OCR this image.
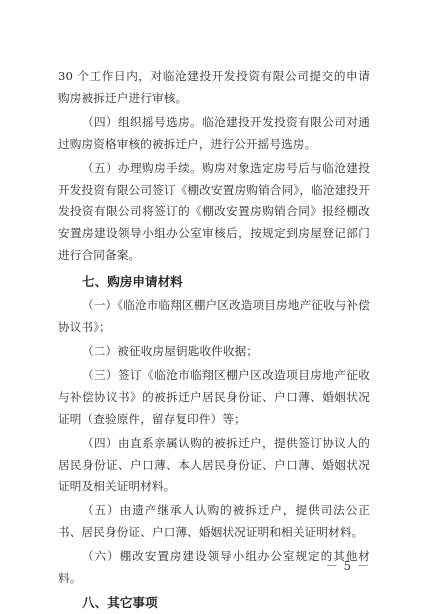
30 个工作日内，对临沧建投开发投资有限公司提交的申请购房被拆迁户进行审核。

（四）组织摇号选房。临沧建投开发投资有限公司对通过购房资格审核的被拆迁户，进行公开摇号选房。

（五）办理购房手续。购房对象选定房号后与临沧建投开发投资有限公司签订《棚改安置房购销合同》，临沧建投开发投资有限公司将签订的《棚改安置房购销合同》报经棚改安置房建设领导小组办公室审核后，按规定到房屋登记部门进行合同备案。

七、购房申请材料

（一）《临沧市临翔区棚户区改造项目房地产征收与补偿协议书》；

（二）被征收房屋钥匙收件收据；

（三）签订《临沧市临翔区棚户区改造项目房地产征收与补偿协议书》的被拆迁户居民身份证、户口薄、婚姻状况证明（查验原件，留存复印件）等；

（四）由直系亲属认购的被拆迁户，提供签订协议人的居民身份证、户口薄、本人居民身份证、户口薄、婚姻状况证明及相关证明材料。

（五）由遗产继承人认购的被拆迁户，提供司法公正书、居民身份证、户口薄、婚姻状况证明和相关证明材料。

（六）棚改安置房建设领导小组办公室规定的其他材料。

八、其它事项
－ 5 －
